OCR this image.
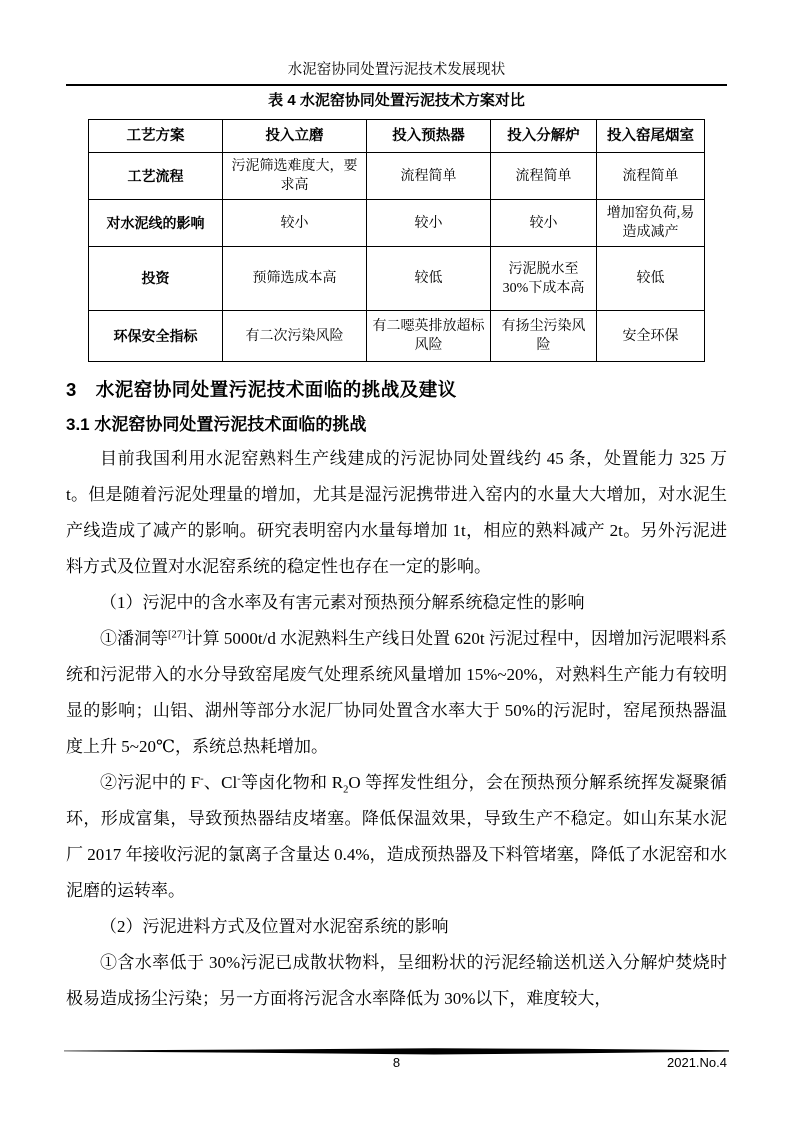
水泥窑协同处置污泥技术发展现状
表 4 水泥窑协同处置污泥技术方案对比
工艺方案	投入立磨	投入预热器	投入分解炉	投入窑尾烟室
工艺流程	污泥筛选难度大，要求高	流程简单	流程简单	流程简单
对水泥线的影响	较小	较小	较小	增加窑负荷,易造成减产
投资	预筛选成本高	较低	污泥脱水至 30%下成本高	较低
环保安全指标	有二次污染风险	有二噁英排放超标风险	有扬尘污染风险	安全环保
3　水泥窑协同处置污泥技术面临的挑战及建议
3.1 水泥窑协同处置污泥技术面临的挑战

目前我国利用水泥窑熟料生产线建成的污泥协同处置线约 45 条，处置能力 325 万 t。但是随着污泥处理量的增加，尤其是湿污泥携带进入窑内的水量大大增加，对水泥生产线造成了减产的影响。研究表明窑内水量每增加 1t，相应的熟料减产 2t。另外污泥进料方式及位置对水泥窑系统的稳定性也存在一定的影响。

（1）污泥中的含水率及有害元素对预热预分解系统稳定性的影响

①潘洞等[27]计算 5000t/d 水泥熟料生产线日处置 620t 污泥过程中，因增加污泥喂料系统和污泥带入的水分导致窑尾废气处理系统风量增加 15%~20%，对熟料生产能力有较明显的影响；山铝、湖州等部分水泥厂协同处置含水率大于 50%的污泥时，窑尾预热器温度上升 5~20℃，系统总热耗增加。

②污泥中的 F-、Cl-等卤化物和 $R_2O$ 等挥发性组分，会在预热预分解系统挥发凝聚循环，形成富集，导致预热器结皮堵塞。降低保温效果，导致生产不稳定。如山东某水泥厂 2017 年接收污泥的氯离子含量达 0.4%，造成预热器及下料管堵塞，降低了水泥窑和水泥磨的运转率。

（2）污泥进料方式及位置对水泥窑系统的影响

①含水率低于 30%污泥已成散状物料，呈细粉状的污泥经输送机送入分解炉焚烧时极易造成扬尘污染；另一方面将污泥含水率降低为 30%以下，难度较大，

8	2021.No.4
